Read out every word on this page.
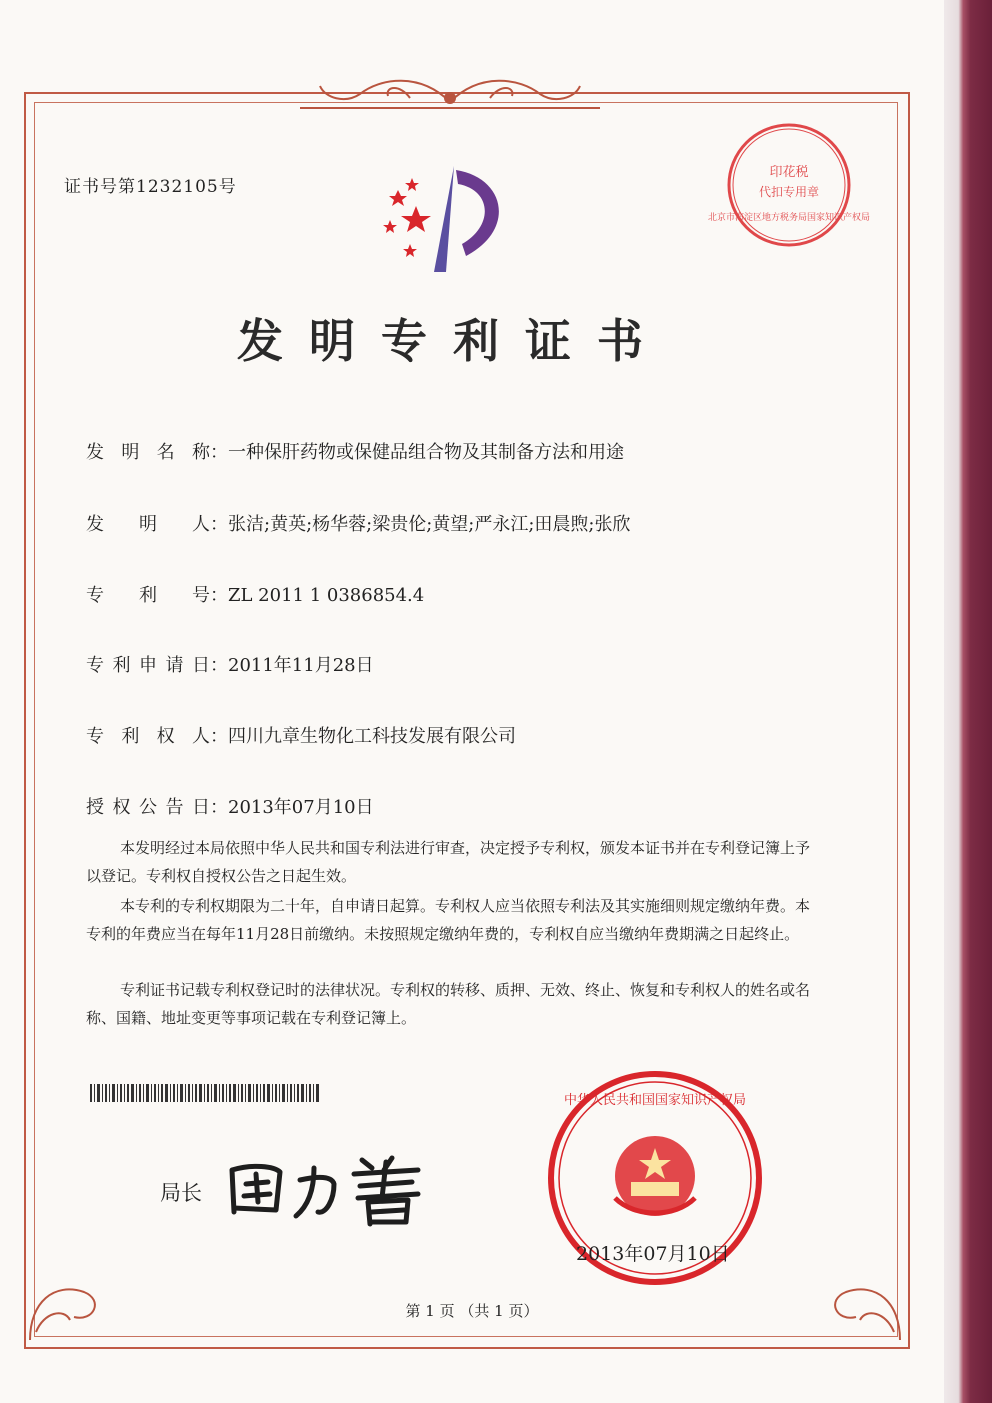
证书号第1232105号
印花税
代扣专用章
北京市海淀区地方税务局国家知识产权局
发明专利证书
发明名称：一种保肝药物或保健品组合物及其制备方法和用途
发明人：张洁;黄英;杨华蓉;梁贵伦;黄望;严永江;田晨煦;张欣
专利号：ZL 2011 1 0386854.4
专利申请日：2011年11月28日
专利权人：四川九章生物化工科技发展有限公司
授权公告日：2013年07月10日
本发明经过本局依照中华人民共和国专利法进行审查，决定授予专利权，颁发本证书并在专利登记簿上予以登记。专利权自授权公告之日起生效。
本专利的专利权期限为二十年，自申请日起算。专利权人应当依照专利法及其实施细则规定缴纳年费。本专利的年费应当在每年11月28日前缴纳。未按照规定缴纳年费的，专利权自应当缴纳年费期满之日起终止。
专利证书记载专利权登记时的法律状况。专利权的转移、质押、无效、终止、恢复和专利权人的姓名或名称、国籍、地址变更等事项记载在专利登记簿上。
局长
中华人民共和国国家知识产权局
2013年07月10日
第 1 页 （共 1 页）
